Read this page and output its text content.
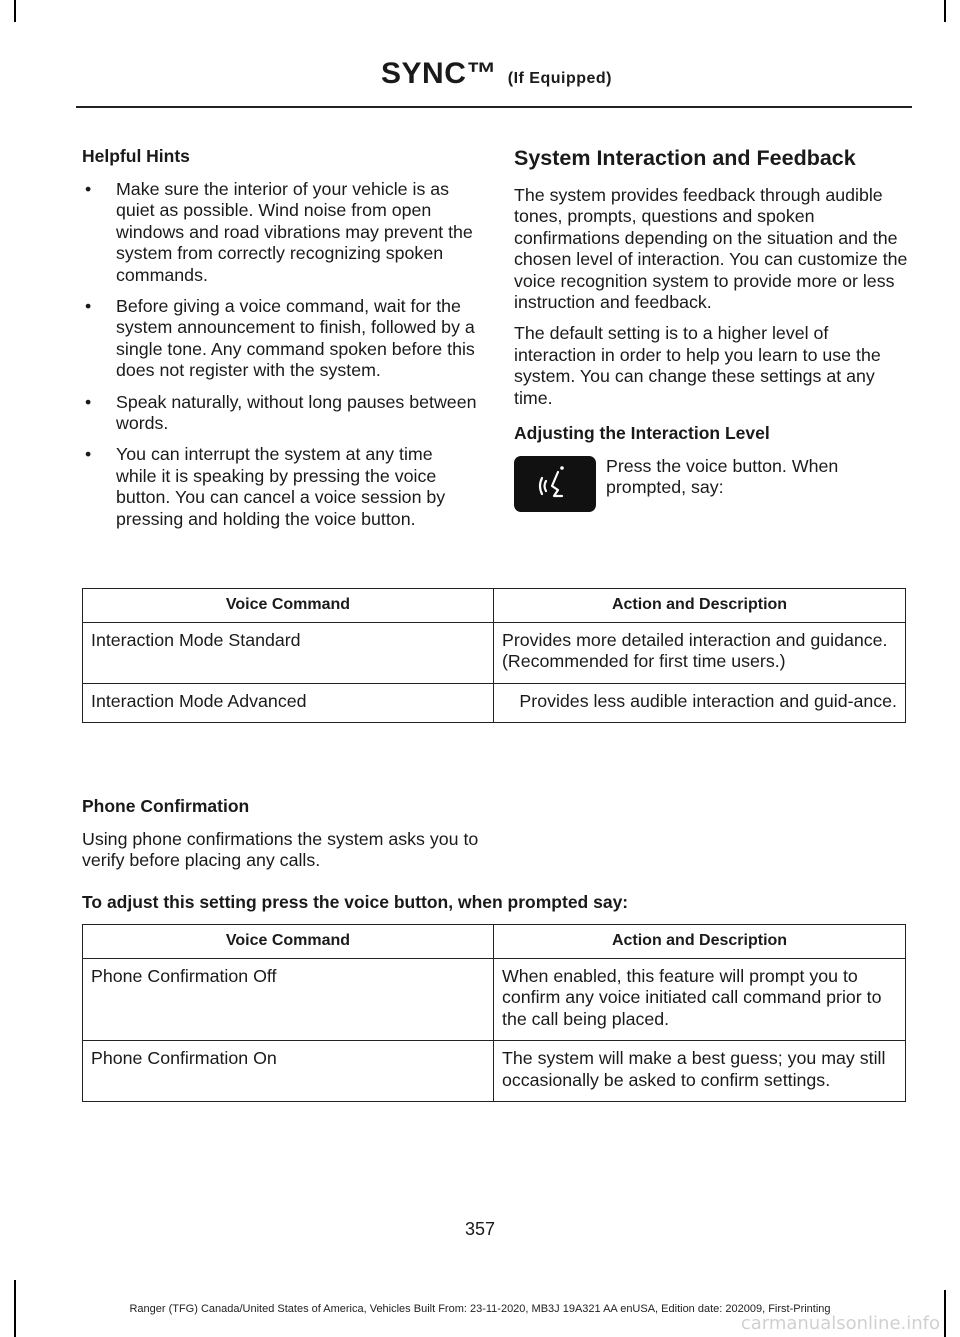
SYNC™ (If Equipped)
Helpful Hints
• Make sure the interior of your vehicle is as quiet as possible. Wind noise from open windows and road vibrations may prevent the system from correctly recognizing spoken commands.
• Before giving a voice command, wait for the system announcement to finish, followed by a single tone. Any command spoken before this does not register with the system.
• Speak naturally, without long pauses between words.
• You can interrupt the system at any time while it is speaking by pressing the voice button. You can cancel a voice session by pressing and holding the voice button.
System Interaction and Feedback

The system provides feedback through audible tones, prompts, questions and spoken confirmations depending on the situation and the chosen level of interaction. You can customize the voice recognition system to provide more or less instruction and feedback.

The default setting is to a higher level of interaction in order to help you learn to use the system. You can change these settings at any time.

Adjusting the Interaction Level
Press the voice button. When prompted, say:
Voice Command	Action and Description
Interaction Mode Standard	Provides more detailed interaction and guidance. (Recommended for first time users.)
Interaction Mode Advanced	Provides less audible interaction and guid-ance.
Phone Confirmation

Using phone confirmations the system asks you to verify before placing any calls.

To adjust this setting press the voice button, when prompted say:
Voice Command	Action and Description
Phone Confirmation Off	When enabled, this feature will prompt you to confirm any voice initiated call command prior to the call being placed.
Phone Confirmation On	The system will make a best guess; you may still occasionally be asked to confirm settings.
357
Ranger (TFG) Canada/United States of America, Vehicles Built From: 23-11-2020, MB3J 19A321 AA enUSA, Edition date: 202009, First-Printing
carmanualsonline.info
